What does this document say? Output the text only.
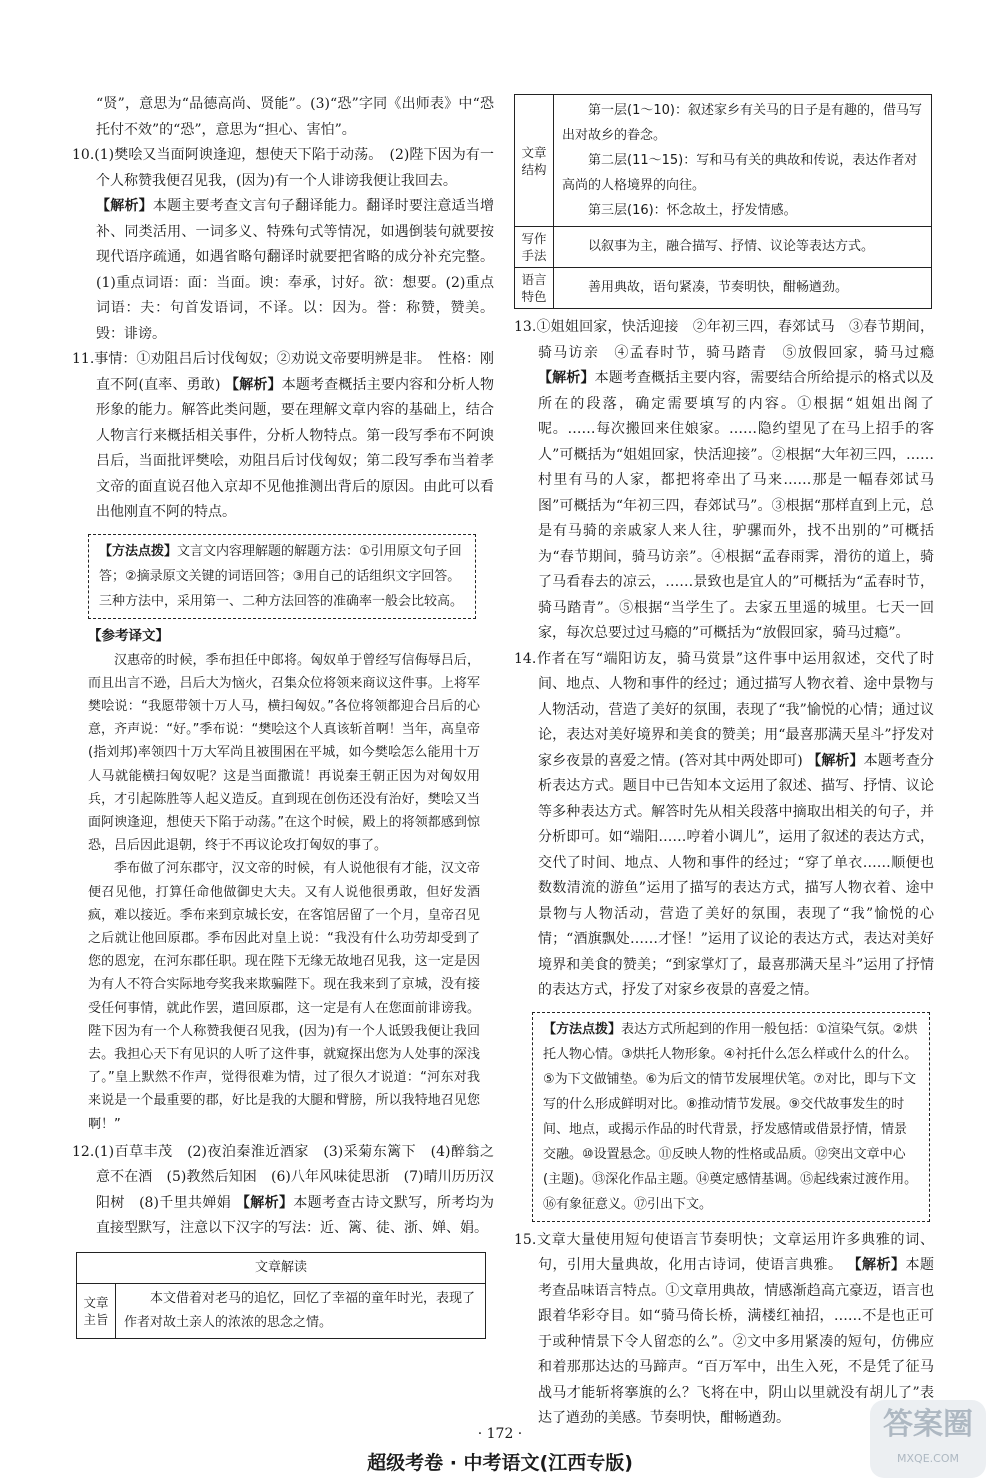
“贤”，意思为“品德高尚、贤能”。(3)“恐”字同《出师表》中“恐托付不效”的“恐”，意思为“担心、害怕”。

10.(1)樊哙又当面阿谀逢迎，想使天下陷于动荡。　(2)陛下因为有一个人称赞我便召见我，(因为)有一个人诽谤我便让我回去。

【解析】本题主要考查文言句子翻译能力。翻译时要注意适当增补、同类活用、一词多义、特殊句式等情况，如遇倒装句就要按现代语序疏通，如遇省略句翻译时就要把省略的成分补充完整。(1)重点词语：面：当面。谀：奉承，讨好。欲：想要。(2)重点词语：夫：句首发语词，不译。以：因为。誉：称赞，赞美。毁：诽谤。

11.事情：①劝阻吕后讨伐匈奴；②劝说文帝要明辨是非。　性格：刚直不阿(直率、勇敢) 【解析】本题考查概括主要内容和分析人物形象的能力。解答此类问题，要在理解文章内容的基础上，结合人物言行来概括相关事件，分析人物特点。第一段写季布不阿谀吕后，当面批评樊哙，劝阻吕后讨伐匈奴；第二段写季布当着孝文帝的面直说召他入京却不见他推测出背后的原因。由此可以看出他刚直不阿的特点。

【方法点拨】文言文内容理解题的解题方法：①引用原文句子回答；②摘录原文关键的词语回答；③用自己的话组织文字回答。三种方法中，采用第一、二种方法回答的准确率一般会比较高。
【参考译文】

汉惠帝的时候，季布担任中郎将。匈奴单于曾经写信侮辱吕后，而且出言不逊，吕后大为恼火，召集众位将领来商议这件事。上将军樊哙说：“我愿带领十万人马，横扫匈奴。”各位将领都迎合吕后的心意，齐声说：“好。”季布说：“樊哙这个人真该斩首啊！当年，高皇帝(指刘邦)率领四十万大军尚且被围困在平城，如今樊哙怎么能用十万人马就能横扫匈奴呢？这是当面撒谎！再说秦王朝正因为对匈奴用兵，才引起陈胜等人起义造反。直到现在创伤还没有治好，樊哙又当面阿谀逢迎，想使天下陷于动荡。”在这个时候，殿上的将领都感到惊恐，吕后因此退朝，终于不再议论攻打匈奴的事了。

季布做了河东郡守，汉文帝的时候，有人说他很有才能，汉文帝便召见他，打算任命他做御史大夫。又有人说他很勇敢，但好发酒疯，难以接近。季布来到京城长安，在客馆居留了一个月，皇帝召见之后就让他回原郡。季布因此对皇上说：“我没有什么功劳却受到了您的恩宠，在河东郡任职。现在陛下无缘无故地召见我，这一定是因为有人不符合实际地夸奖我来欺骗陛下。现在我来到了京城，没有接受任何事情，就此作罢，遣回原郡，这一定是有人在您面前诽谤我。陛下因为有一个人称赞我便召见我，(因为)有一个人诋毁我便让我回去。我担心天下有见识的人听了这件事，就窥探出您为人处事的深浅了。”皇上默然不作声，觉得很难为情，过了很久才说道：“河东对我来说是一个最重要的郡，好比是我的大腿和臂膀，所以我特地召见您啊！”

12.(1)百草丰茂　(2)夜泊秦淮近酒家　(3)采菊东篱下　(4)醉翁之意不在酒　(5)教然后知困　(6)八年风味徒思浙　(7)晴川历历汉阳树　(8)千里共婵娟 【解析】本题考查古诗文默写，所考均为直接型默写，注意以下汉字的写法：近、篱、徒、浙、婵、娟。

文章解读
文章主旨	本文借着对老马的追忆，回忆了幸福的童年时光，表现了作者对故土亲人的浓浓的思念之情。
文章结构	第一层(1～10)：叙述家乡有关马的日子是有趣的，借马写出对故乡的眷念。
第二层(11～15)：写和马有关的典故和传说，表达作者对高尚的人格境界的向往。
第三层(16)：怀念故土，抒发情感。

写作手法	以叙事为主，融合描写、抒情、议论等表达方式。
语言特色	善用典故，语句紧凑，节奏明快，酣畅遒劲。

13.①姐姐回家，快活迎接　②年初三四，春郊试马　③春节期间，骑马访亲　④孟春时节，骑马踏青　⑤放假回家，骑马过瘾 【解析】本题考查概括主要内容，需要结合所给提示的格式以及所在的段落，确定需要填写的内容。①根据“姐姐出阁了呢。……每次搬回来住娘家。……隐约望见了在马上招手的客人”可概括为“姐姐回家，快活迎接”。②根据“大年初三四，……村里有马的人家，都把将牵出了马来……那是一幅春郊试马图”可概括为“年初三四，春郊试马”。③根据“那样直到上元，总是有马骑的亲戚家人来人往，驴骡而外，找不出别的”可概括为“春节期间，骑马访亲”。④根据“孟春雨霁，滑彷的道上，骑了马看春去的凉云，……景致也是宜人的”可概括为“孟春时节，骑马踏青”。⑤根据“当学生了。去家五里遥的城里。七天一回家，每次总要过过马瘾的”可概括为“放假回家，骑马过瘾”。

14.作者在写“端阳访友，骑马赏景”这件事中运用叙述，交代了时间、地点、人物和事件的经过；通过描写人物衣着、途中景物与人物活动，营造了美好的氛围，表现了“我”愉悦的心情；通过议论，表达对美好境界和美食的赞美；用“最喜那满天星斗”抒发对家乡夜景的喜爱之情。(答对其中两处即可) 【解析】本题考查分析表达方式。题目中已告知本文运用了叙述、描写、抒情、议论等多种表达方式。解答时先从相关段落中摘取出相关的句子，并分析即可。如“端阳……哼着小调儿”，运用了叙述的表达方式，交代了时间、地点、人物和事件的经过；“穿了单衣……顺便也数数清流的游鱼”运用了描写的表达方式，描写人物衣着、途中景物与人物活动，营造了美好的氛围，表现了“我”愉悦的心情；“酒旗飘处……才怪！”运用了议论的表达方式，表达对美好境界和美食的赞美；“到家掌灯了，最喜那满天星斗”运用了抒情的表达方式，抒发了对家乡夜景的喜爱之情。

【方法点拨】表达方式所起到的作用一般包括：①渲染气氛。②烘托人物心情。③烘托人物形象。④衬托什么怎么样或什么的什么。⑤为下文做铺垫。⑥为后文的情节发展埋伏笔。⑦对比，即与下文写的什么形成鲜明对比。⑧推动情节发展。⑨交代故事发生的时间、地点，或揭示作品的时代背景，抒发感情或借景抒情，情景交融。⑩设置悬念。⑪反映人物的性格或品质。⑫突出文章中心(主题)。⑬深化作品主题。⑭奠定感情基调。⑮起线索过渡作用。⑯有象征意义。⑰引出下文。

15.文章大量使用短句使语言节奏明快；文章运用许多典雅的词、句，引用大量典故，化用古诗词，使语言典雅。 【解析】本题考查品味语言特点。①文章用典故，情感渐趋高亢豪迈，语言也跟着华彩夺目。如“骑马倚长桥，满楼红袖招，……不是也正可于或种情景下令人留恋的么”。②文中多用紧凑的短句，仿佛应和着那那达达的马蹄声。“百万军中，出生入死，不是凭了征马战马才能斩将搴旗的么？飞将在中，阴山以里就没有胡儿了”表达了遒劲的美感。节奏明快，酣畅遒劲。

· 172 ·
超级考卷 · 中考语文(江西专版)
答案圈
MXQE.COM
